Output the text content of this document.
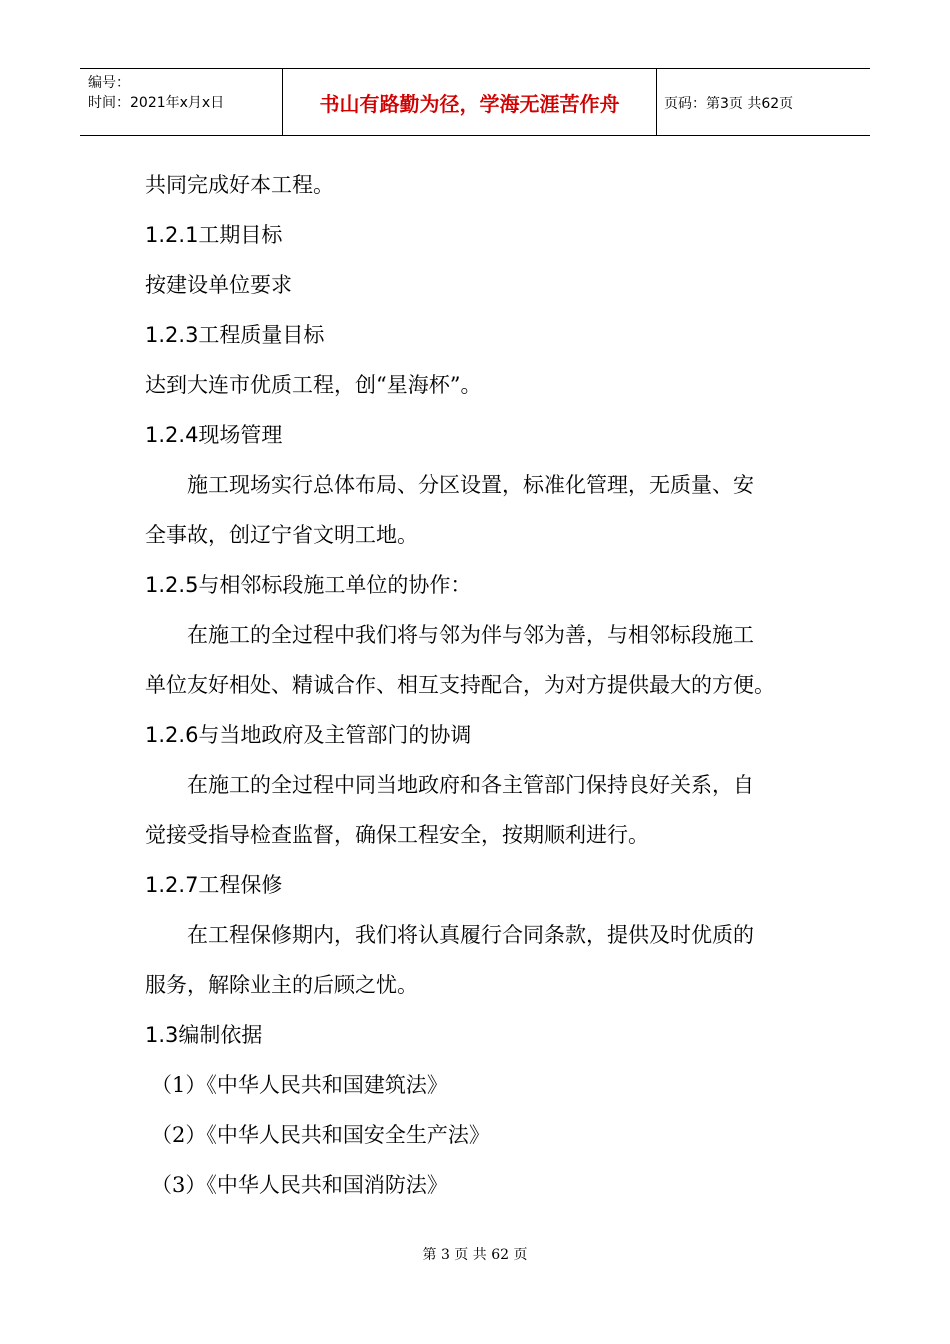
编号：
时间：2021年x月x日	书山有路勤为径，学海无涯苦作舟	页码：第3页 共62页
共同完成好本工程。
1.2.1工期目标
按建设单位要求
1.2.3工程质量目标
达到大连市优质工程，创“星海杯”。
1.2.4现场管理
施工现场实行总体布局、分区设置，标准化管理，无质量、安
全事故，创辽宁省文明工地。
1.2.5与相邻标段施工单位的协作：
在施工的全过程中我们将与邻为伴与邻为善，与相邻标段施工
单位友好相处、精诚合作、相互支持配合，为对方提供最大的方便。
1.2.6与当地政府及主管部门的协调
在施工的全过程中同当地政府和各主管部门保持良好关系，自
觉接受指导检查监督，确保工程安全，按期顺利进行。
1.2.7工程保修
在工程保修期内，我们将认真履行合同条款，提供及时优质的
服务，解除业主的后顾之忧。
1.3编制依据
（1）《中华人民共和国建筑法》
（2）《中华人民共和国安全生产法》
（3）《中华人民共和国消防法》
第 3 页 共 62 页
